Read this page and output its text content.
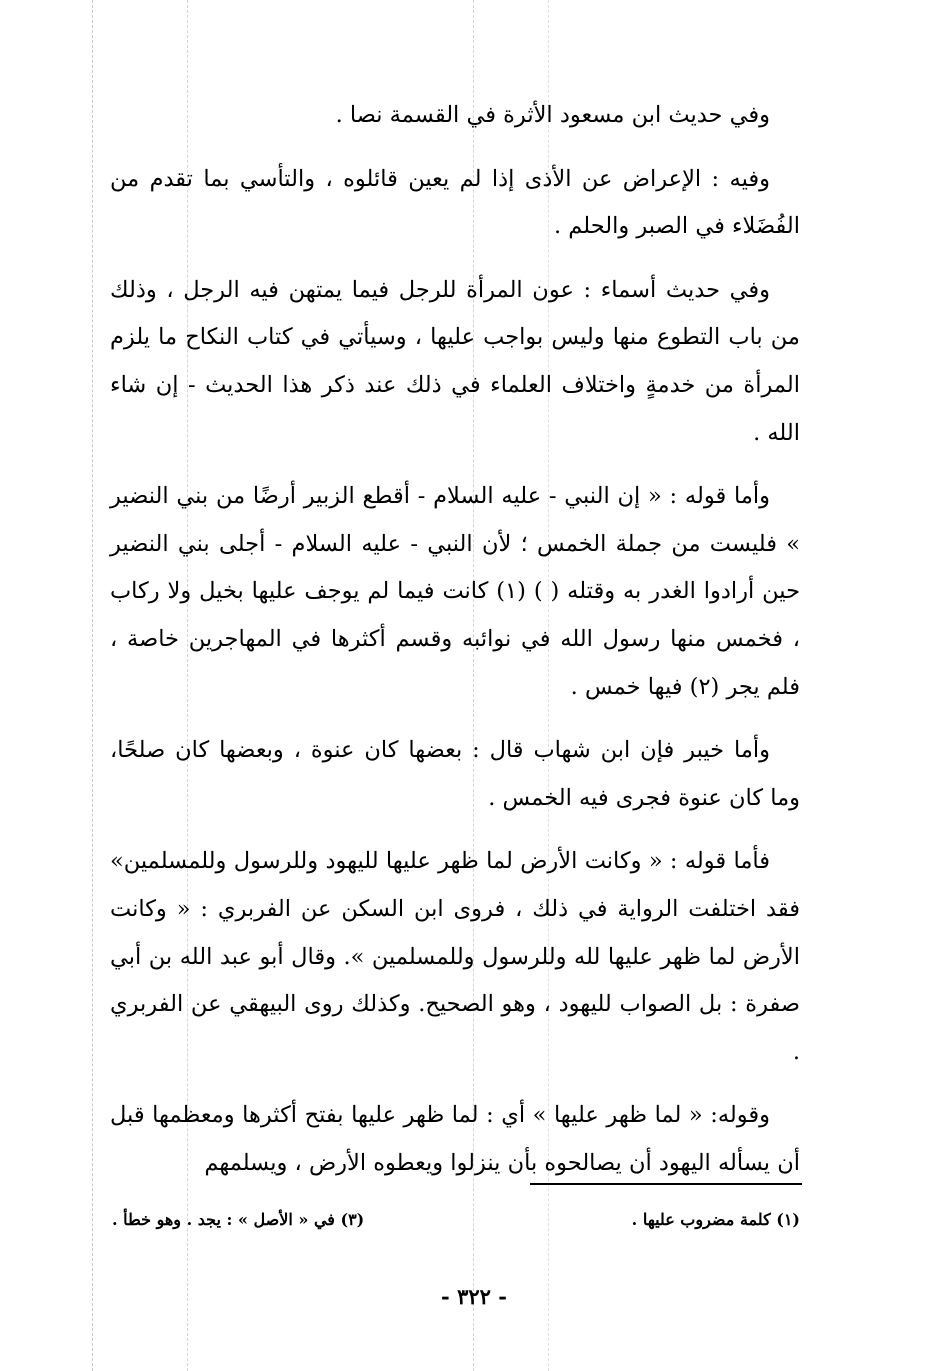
وفي حديث ابن مسعود الأثرة في القسمة نصا .

وفيه : الإعراض عن الأذى إذا لم يعين قائلوه ، والتأسي بما تقدم من الفُضَلاء في الصبر والحلم .

وفي حديث أسماء : عون المرأة للرجل فيما يمتهن فيه الرجل ، وذلك من باب التطوع منها وليس بواجب عليها ، وسيأتي في كتاب النكاح ما يلزم المرأة من خدمةٍ واختلاف العلماء في ذلك عند ذكر هذا الحديث - إن شاء الله .

وأما قوله : « إن النبي - عليه السلام - أقطع الزبير أرضًا من بني النضير » فليست من جملة الخمس ؛ لأن النبي - عليه السلام - أجلى بني النضير حين أرادوا الغدر به وقتله ( ) (١) كانت فيما لم يوجف عليها بخيل ولا ركاب ، فخمس منها رسول الله في نوائبه وقسم أكثرها في المهاجرين خاصة ، فلم يجر (٢) فيها خمس .

وأما خيبر فإن ابن شهاب قال : بعضها كان عنوة ، وبعضها كان صلحًا، وما كان عنوة فجرى فيه الخمس .

فأما قوله : « وكانت الأرض لما ظهر عليها لليهود وللرسول وللمسلمين» فقد اختلفت الرواية في ذلك ، فروى ابن السكن عن الفربري : « وكانت الأرض لما ظهر عليها لله وللرسول وللمسلمين ». وقال أبو عبد الله بن أبي صفرة : بل الصواب لليهود ، وهو الصحيح. وكذلك روى البيهقي عن الفربري .

وقوله: « لما ظهر عليها » أي : لما ظهر عليها بفتح أكثرها ومعظمها قبل أن يسأله اليهود أن يصالحوه بأن ينزلوا ويعطوه الأرض ، ويسلمهم

(١) كلمة مضروب عليها .
(٣) في « الأصل » : يجد . وهو خطأ .
- ٣٢٢ -
